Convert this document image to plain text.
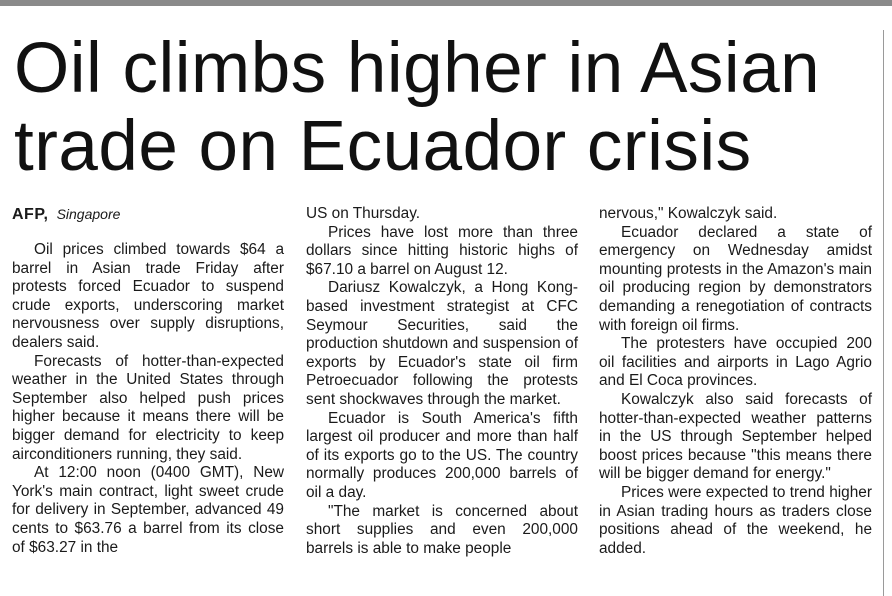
Oil climbs higher in Asian
trade on Ecuador crisis
AFP, Singapore

Oil prices climbed towards $64 a barrel in Asian trade Friday after protests forced Ecuador to suspend crude exports, underscoring market nervousness over supply disruptions, dealers said.

Forecasts of hotter-than-expected weather in the United States through September also helped push prices higher because it means there will be bigger demand for electricity to keep airconditioners running, they said.

At 12:00 noon (0400 GMT), New York's main contract, light sweet crude for delivery in September, advanced 49 cents to $63.76 a barrel from its close of $63.27 in the

US on Thursday.

Prices have lost more than three dollars since hitting historic highs of $67.10 a barrel on August 12.

Dariusz Kowalczyk, a Hong Kong-based investment strategist at CFC Seymour Securities, said the production shutdown and suspension of exports by Ecuador's state oil firm Petroecuador following the protests sent shockwaves through the market.

Ecuador is South America's fifth largest oil producer and more than half of its exports go to the US. The country normally produces 200,000 barrels of oil a day.

"The market is concerned about short supplies and even 200,000 barrels is able to make people

nervous," Kowalczyk said.

Ecuador declared a state of emergency on Wednesday amidst mounting protests in the Amazon's main oil producing region by demonstrators demanding a renegotiation of contracts with foreign oil firms.

The protesters have occupied 200 oil facilities and airports in Lago Agrio and El Coca provinces.

Kowalczyk also said forecasts of hotter-than-expected weather patterns in the US through September helped boost prices because "this means there will be bigger demand for energy."

Prices were expected to trend higher in Asian trading hours as traders close positions ahead of the weekend, he added.
